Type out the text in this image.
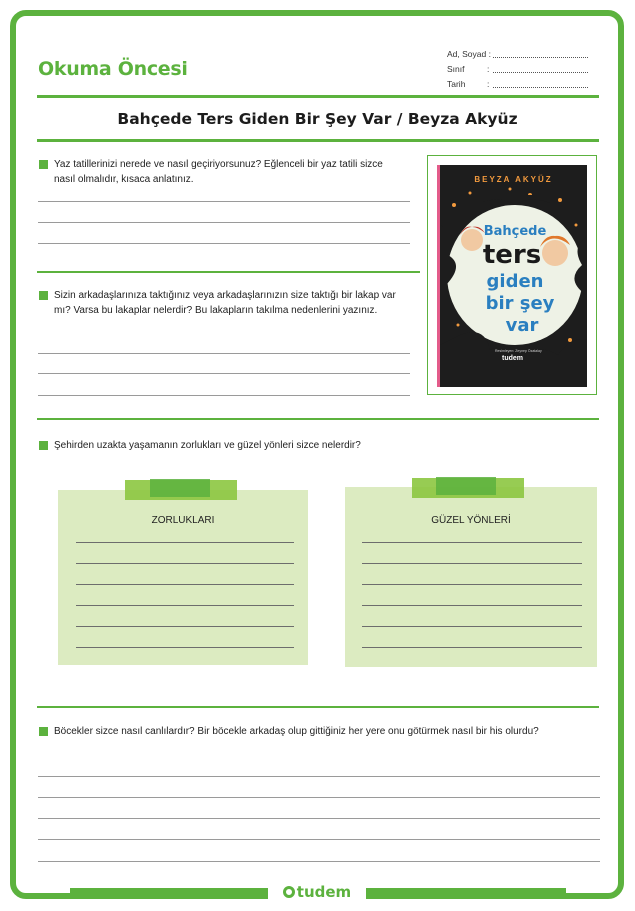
Okuma Öncesi
Ad, Soyad :
Sınıf	:
Tarih	:
Bahçede Ters Giden Bir Şey Var / Beyza Akyüz
Yaz tatillerinizi nerede ve nasıl geçiriyorsunuz? Eğlenceli bir yaz tatili sizce nasıl olmalıdır, kısaca anlatınız.
Sizin arkadaşlarınıza taktığınız veya arkadaşlarınızın size taktığı bir lakap var mı? Varsa bu lakaplar nelerdir? Bu lakapların takılma nedenlerini yazınız.
Bahçede
ters
giden
bir şey
var
BEYZA AKYÜZ
Resimleyen: Zeynep Özatalay
tudem
Şehirden uzakta yaşamanın zorlukları ve güzel yönleri sizce nelerdir?
ZORLUKLARI	GÜZEL YÖNLERİ
Böcekler sizce nasıl canlılardır? Bir böcekle arkadaş olup gittiğiniz her yere onu götürmek nasıl bir his olurdu?
tudem
